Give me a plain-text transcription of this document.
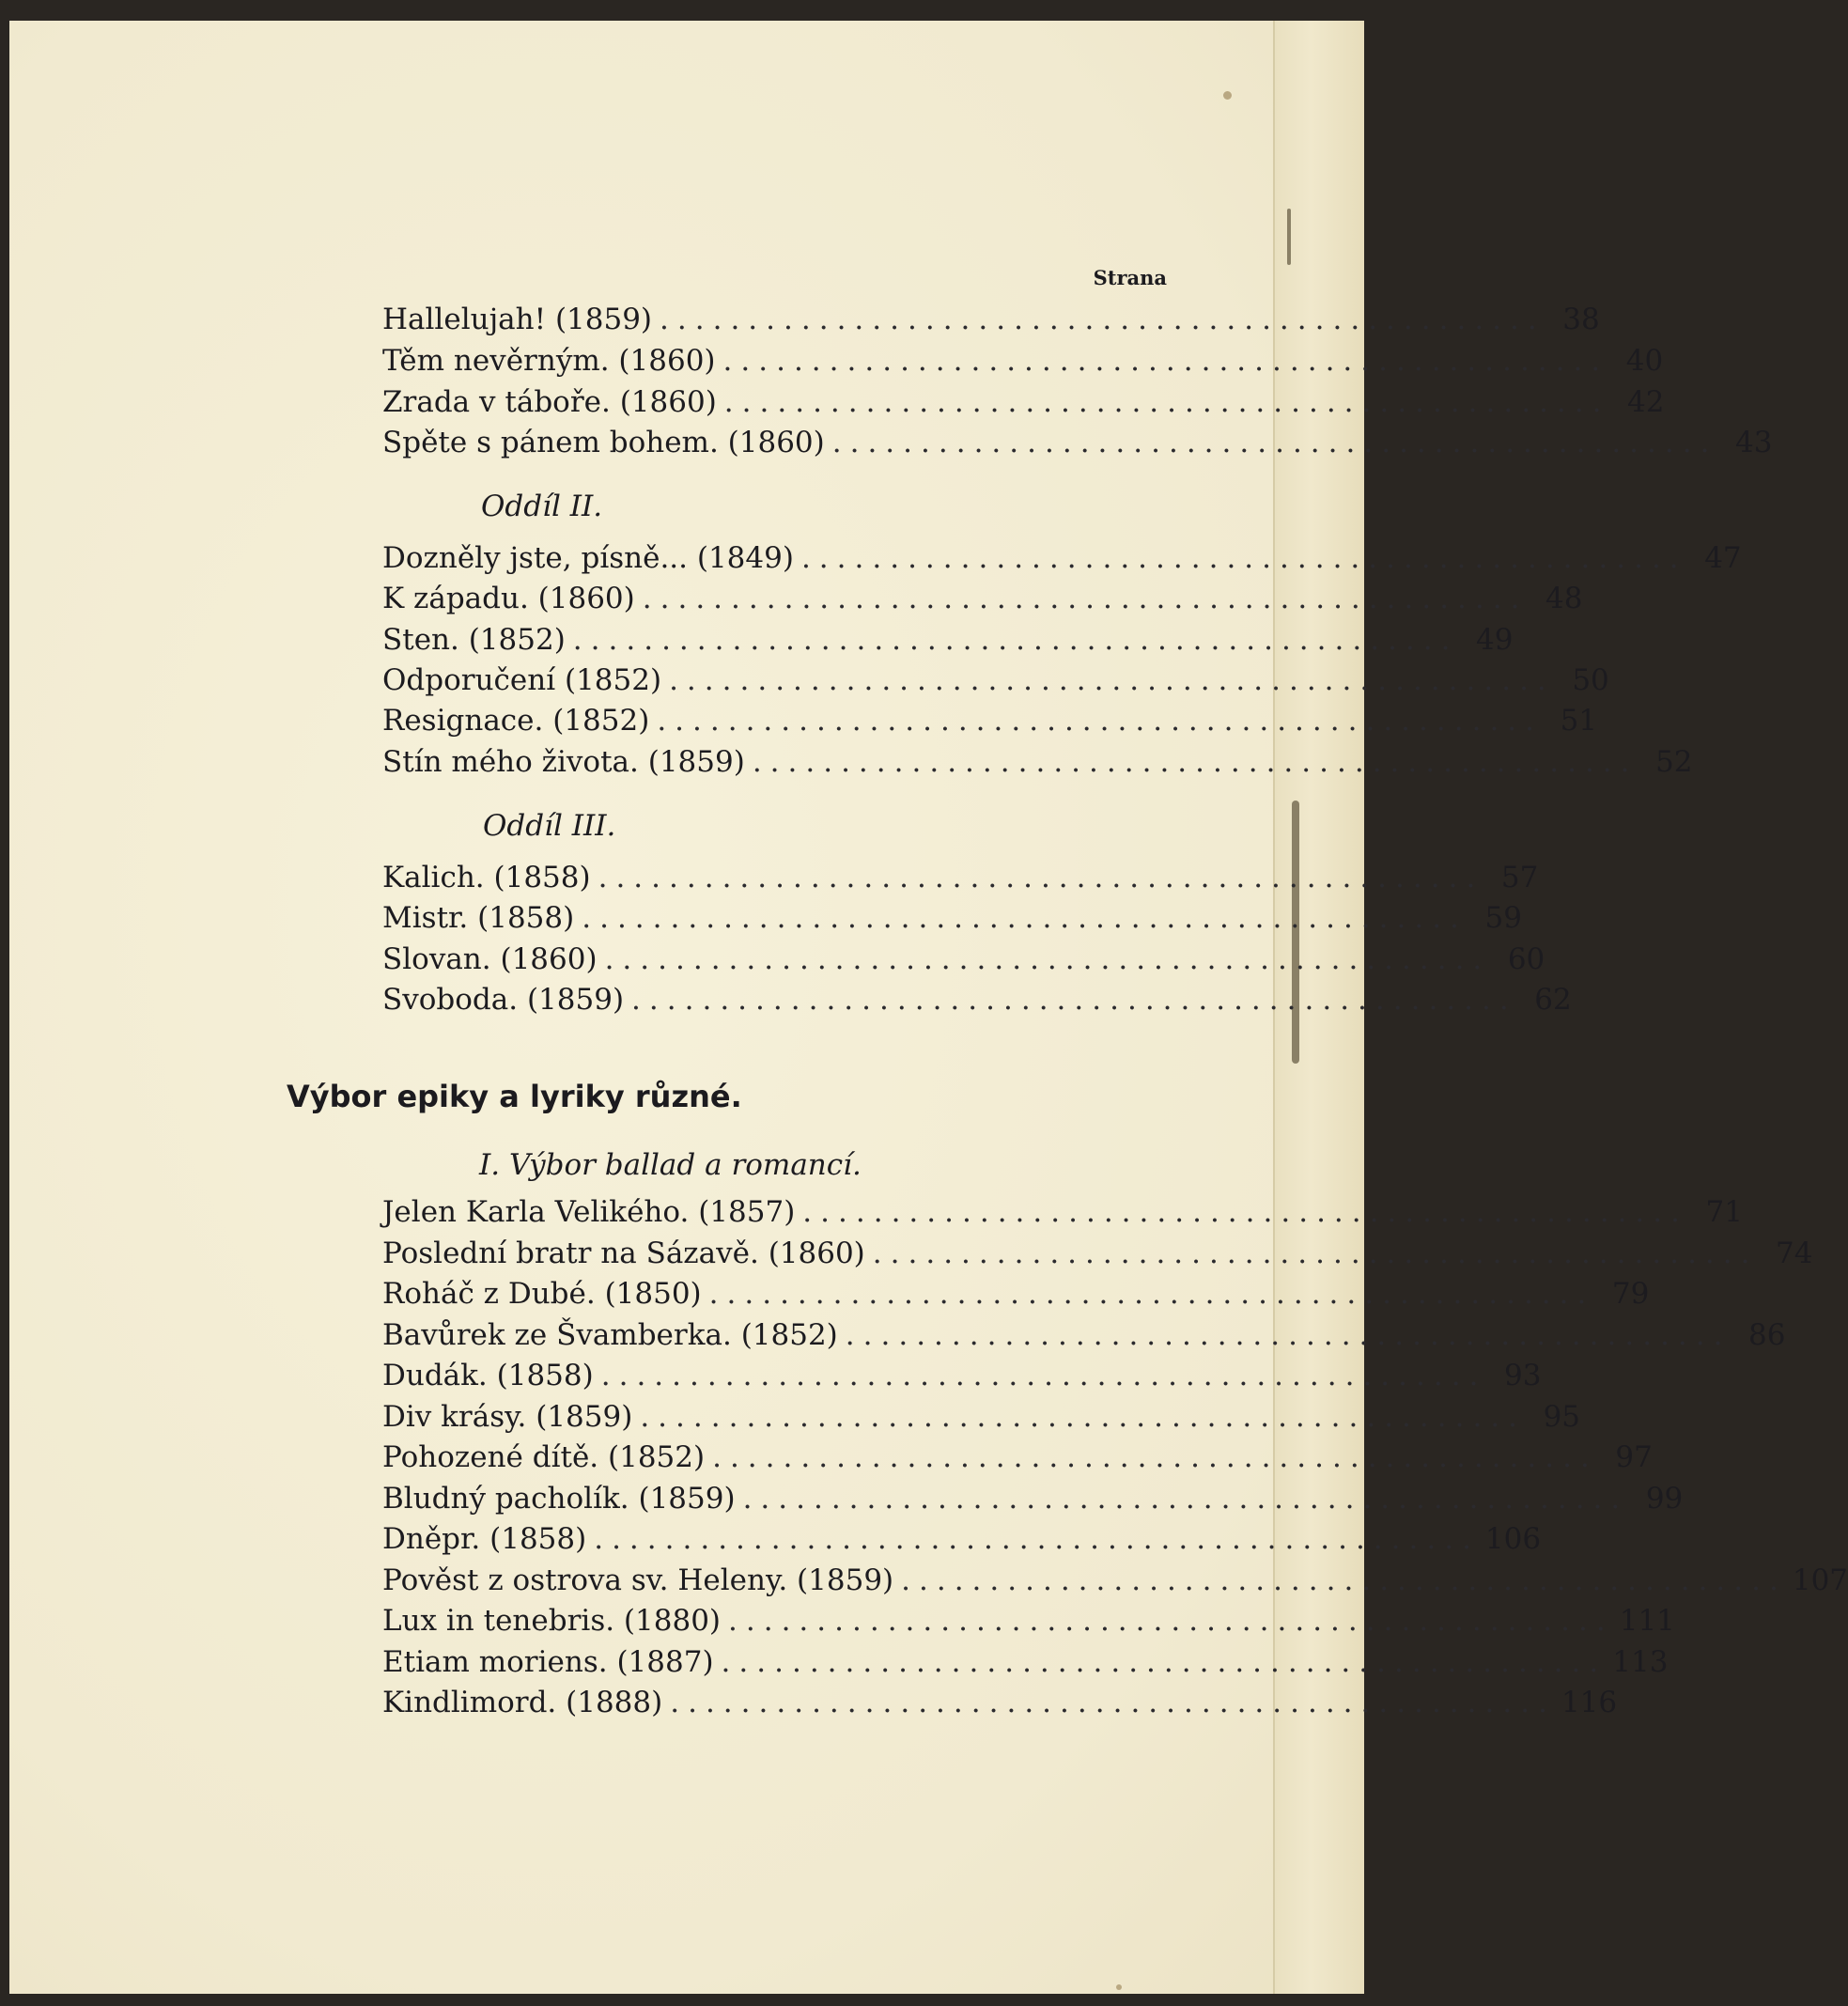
Strana
Hallelujah! (1859) .................................................. 38
Těm nevěrným. (1860) .................................................. 40
Zrada v táboře. (1860) .................................................. 42
Spěte s pánem bohem. (1860) .................................................. 43
Oddíl II.
Dozněly jste, písně... (1849) .................................................. 47
K západu. (1860) .................................................. 48
Sten. (1852) .................................................. 49
Odporučení (1852) .................................................. 50
Resignace. (1852) .................................................. 51
Stín mého života. (1859) .................................................. 52
Oddíl III.
Kalich. (1858) .................................................. 57
Mistr. (1858) .................................................. 59
Slovan. (1860) .................................................. 60
Svoboda. (1859) .................................................. 62
Výbor epiky a lyriky různé.
I. Výbor ballad a romancí.
Jelen Karla Velikého. (1857) .................................................. 71
Poslední bratr na Sázavě. (1860) .................................................. 74
Roháč z Dubé. (1850) .................................................. 79
Bavůrek ze Švamberka. (1852) .................................................. 86
Dudák. (1858) .................................................. 93
Div krásy. (1859) .................................................. 95
Pohozené dítě. (1852) .................................................. 97
Bludný pacholík. (1859) .................................................. 99
Dněpr. (1858) .................................................. 106
Pověst z ostrova sv. Heleny. (1859) .................................................. 107
Lux in tenebris. (1880) .................................................. 111
Etiam moriens. (1887) .................................................. 113
Kindlimord. (1888) .................................................. 116
